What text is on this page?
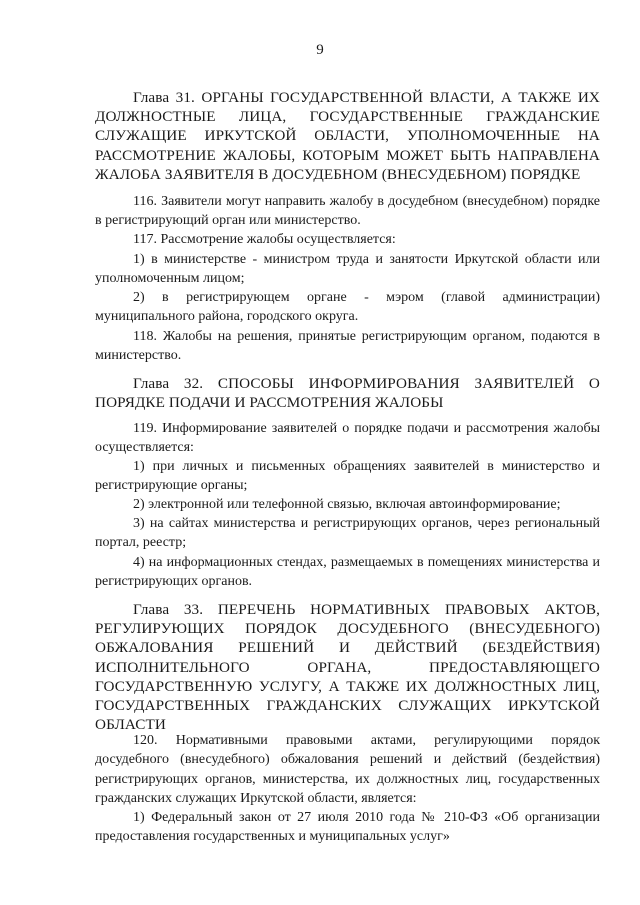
9

Глава 31. ОРГАНЫ ГОСУДАРСТВЕННОЙ ВЛАСТИ, А ТАКЖЕ ИХ ДОЛЖНОСТНЫЕ ЛИЦА, ГОСУДАРСТВЕННЫЕ ГРАЖДАНСКИЕ СЛУЖАЩИЕ ИРКУТСКОЙ ОБЛАСТИ, УПОЛНОМОЧЕННЫЕ НА РАССМОТРЕНИЕ ЖАЛОБЫ, КОТОРЫМ МОЖЕТ БЫТЬ НАПРАВЛЕНА ЖАЛОБА ЗАЯВИТЕЛЯ В ДОСУДЕБНОМ (ВНЕСУДЕБНОМ) ПОРЯДКЕ

116. Заявители могут направить жалобу в досудебном (внесудебном) порядке в регистрирующий орган или министерство.

117. Рассмотрение жалобы осуществляется:

1) в министерстве - министром труда и занятости Иркутской области или уполномоченным лицом;

2) в регистрирующем органе - мэром (главой администрации) муниципального района, городского округа.

118. Жалобы на решения, принятые регистрирующим органом, подаются в министерство.

Глава 32. СПОСОБЫ ИНФОРМИРОВАНИЯ ЗАЯВИТЕЛЕЙ О ПОРЯДКЕ ПОДАЧИ И РАССМОТРЕНИЯ ЖАЛОБЫ

119. Информирование заявителей о порядке подачи и рассмотрения жалобы осуществляется:

1) при личных и письменных обращениях заявителей в министерство и регистрирующие органы;

2) электронной или телефонной связью, включая автоинформирование;

3) на сайтах министерства и регистрирующих органов, через региональный портал, реестр;

4) на информационных стендах, размещаемых в помещениях министерства и регистрирующих органов.

Глава 33. ПЕРЕЧЕНЬ НОРМАТИВНЫХ ПРАВОВЫХ АКТОВ, РЕГУЛИРУЮЩИХ ПОРЯДОК ДОСУДЕБНОГО (ВНЕСУДЕБНОГО) ОБЖАЛОВАНИЯ РЕШЕНИЙ И ДЕЙСТВИЙ (БЕЗДЕЙСТВИЯ) ИСПОЛНИТЕЛЬНОГО ОРГАНА, ПРЕДОСТАВЛЯЮЩЕГО ГОСУДАРСТВЕННУЮ УСЛУГУ, А ТАКЖЕ ИХ ДОЛЖНОСТНЫХ ЛИЦ, ГОСУДАРСТВЕННЫХ ГРАЖДАНСКИХ СЛУЖАЩИХ ИРКУТСКОЙ ОБЛАСТИ

120. Нормативными правовыми актами, регулирующими порядок досудебного (внесудебного) обжалования решений и действий (бездействия) регистрирующих органов, министерства, их должностных лиц, государственных гражданских служащих Иркутской области, является:

1) Федеральный закон от 27 июля 2010 года № 210-ФЗ «Об организации предоставления государственных и муниципальных услуг»
